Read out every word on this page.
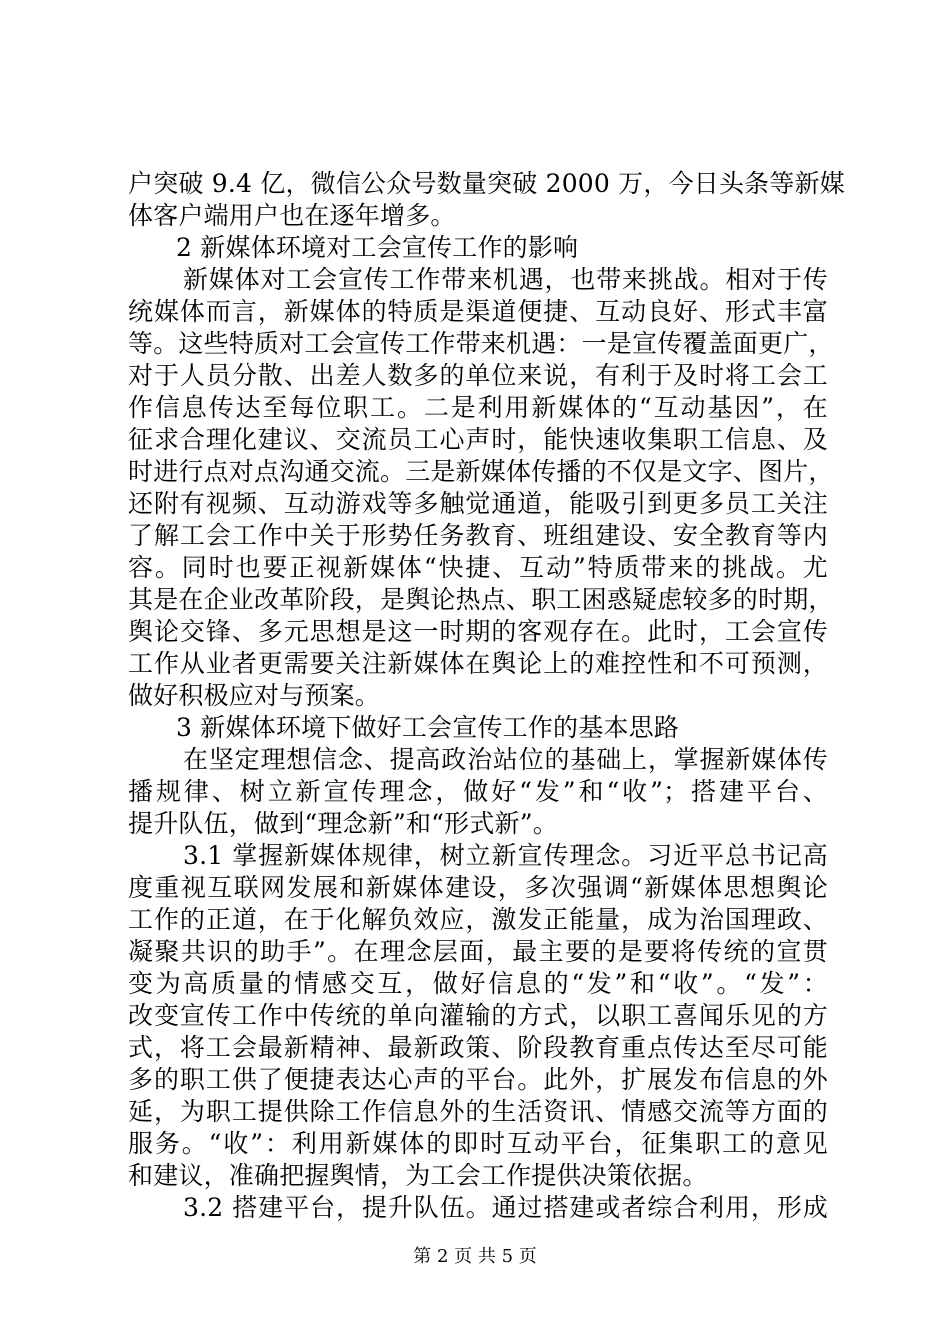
户突破 9.4 亿，微信公众号数量突破 2000 万，今日头条等新媒
体客户端用户也在逐年增多。
2 新媒体环境对工会宣传工作的影响
新媒体对工会宣传工作带来机遇，也带来挑战。相对于传
统媒体而言，新媒体的特质是渠道便捷、互动良好、形式丰富
等。这些特质对工会宣传工作带来机遇：一是宣传覆盖面更广，
对于人员分散、出差人数多的单位来说，有利于及时将工会工
作信息传达至每位职工。二是利用新媒体的“互动基因”，在
征求合理化建议、交流员工心声时，能快速收集职工信息、及
时进行点对点沟通交流。三是新媒体传播的不仅是文字、图片，
还附有视频、互动游戏等多触觉通道，能吸引到更多员工关注
了解工会工作中关于形势任务教育、班组建设、安全教育等内
容。同时也要正视新媒体“快捷、互动”特质带来的挑战。尤
其是在企业改革阶段，是舆论热点、职工困惑疑虑较多的时期，
舆论交锋、多元思想是这一时期的客观存在。此时，工会宣传
工作从业者更需要关注新媒体在舆论上的难控性和不可预测，
做好积极应对与预案。
3 新媒体环境下做好工会宣传工作的基本思路
在坚定理想信念、提高政治站位的基础上，掌握新媒体传
播规律、树立新宣传理念，做好“发”和“收”；搭建平台、
提升队伍，做到“理念新”和“形式新”。
3.1 掌握新媒体规律，树立新宣传理念。习近平总书记高
度重视互联网发展和新媒体建设，多次强调“新媒体思想舆论
工作的正道，在于化解负效应，激发正能量，成为治国理政、
凝聚共识的助手”。在理念层面，最主要的是要将传统的宣贯
变为高质量的情感交互，做好信息的“发”和“收”。“发”：
改变宣传工作中传统的单向灌输的方式，以职工喜闻乐见的方
式，将工会最新精神、最新政策、阶段教育重点传达至尽可能
多的职工供了便捷表达心声的平台。此外，扩展发布信息的外
延，为职工提供除工作信息外的生活资讯、情感交流等方面的
服务。“收”：利用新媒体的即时互动平台，征集职工的意见
和建议，准确把握舆情，为工会工作提供决策依据。
3.2 搭建平台，提升队伍。通过搭建或者综合利用，形成
第 2 页 共 5 页
